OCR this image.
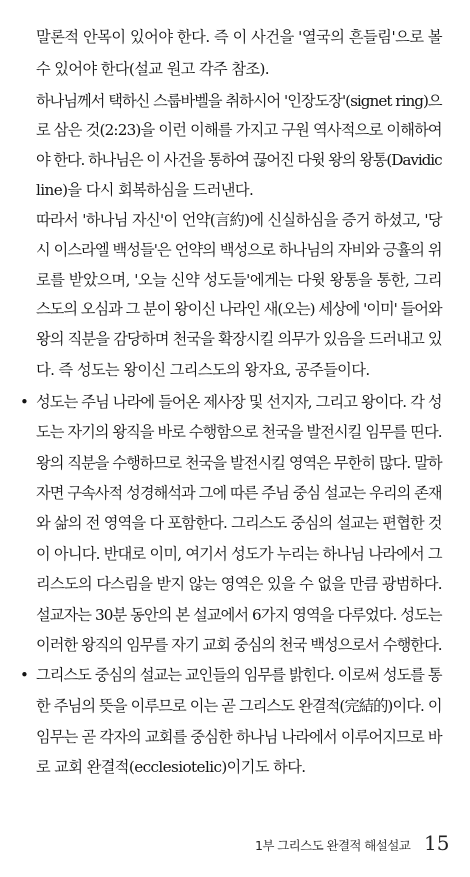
말론적 안목이 있어야 한다. 즉 이 사건을 '열국의 흔들림'으로 볼
수 있어야 한다(설교 원고 각주 참조).
하나님께서 택하신 스룹바벨을 취하시어 '인장도장'(signet ring)으
로 삼은 것(2:23)을 이런 이해를 가지고 구원 역사적으로 이해하여
야 한다. 하나님은 이 사건을 통하여 끊어진 다윗 왕의 왕통(Davidic
line)을 다시 회복하심을 드러낸다.
따라서 '하나님 자신'이 언약(言約)에 신실하심을 증거 하셨고, '당
시 이스라엘 백성들'은 언약의 백성으로 하나님의 자비와 긍휼의 위
로를 받았으며, '오늘 신약 성도들'에게는 다윗 왕통을 통한, 그리
스도의 오심과 그 분이 왕이신 나라인 새(오는) 세상에 '이미' 들어와
왕의 직분을 감당하며 천국을 확장시킬 의무가 있음을 드러내고 있
다. 즉 성도는 왕이신 그리스도의 왕자요, 공주들이다.
• 성도는 주님 나라에 들어온 제사장 및 선지자, 그리고 왕이다. 각 성
도는 자기의 왕직을 바로 수행함으로 천국을 발전시킬 임무를 띤다.
왕의 직분을 수행하므로 천국을 발전시킬 영역은 무한히 많다. 말하
자면 구속사적 성경해석과 그에 따른 주님 중심 설교는 우리의 존재
와 삶의 전 영역을 다 포함한다. 그리스도 중심의 설교는 편협한 것
이 아니다. 반대로 이미, 여기서 성도가 누리는 하나님 나라에서 그
리스도의 다스림을 받지 않는 영역은 있을 수 없을 만큼 광범하다.
설교자는 30분 동안의 본 설교에서 6가지 영역을 다루었다. 성도는
이러한 왕직의 임무를 자기 교회 중심의 천국 백성으로서 수행한다.
• 그리스도 중심의 설교는 교인들의 임무를 밝힌다. 이로써 성도를 통
한 주님의 뜻을 이루므로 이는 곧 그리스도 완결적(完結的)이다. 이
임무는 곧 각자의 교회를 중심한 하나님 나라에서 이루어지므로 바
로 교회 완결적(ecclesiotelic)이기도 하다.
1부 그리스도 완결적 해설설교 15
